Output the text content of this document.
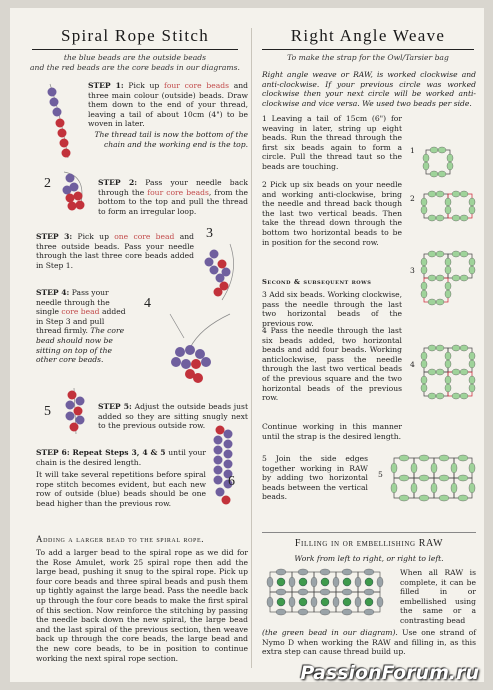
Spiral Rope Stitch
the blue beads are the outside beads
and the red beads are the core beads in our diagrams.
STEP 1: Pick up four core beads and three main colour (outside) beads. Draw them down to the end of your thread, leaving a tail of about 10cm (4") to be woven in later.
The thread tail is now the bottom of the chain and the working end is the top.
2	STEP 2: Pass your needle back through the four core beads, from the bottom to the top and pull the thread to form an irregular loop.
STEP 3: Pick up one core bead and three outside beads. Pass your needle through the last three core beads added in Step 1.
3
STEP 4: Pass your needle through the single core bead added in Step 3 and pull thread firmly. The core bead should now be sitting on top of the other core beads.
4
5	STEP 5: Adjust the outside beads just added so they are sitting snugly next to the previous outside row.
STEP 6: Repeat Steps 3, 4 & 5 until your chain is the desired length.
It will take several repetitions before spiral rope stitch becomes evident, but each new row of outside (blue) beads should be one bead higher than the previous row.
6
Adding a larger bead to the spiral rope.
To add a larger bead to the spiral rope as we did for the Rose Amulet, work 25 spiral rope then add the large bead, pushing it snug to the spiral rope. Pick up four core beads and three spiral beads and push them up tightly against the large bead. Pass the needle back up through the four core beads to make the first spiral of this section. Now reinforce the stitching by passing the needle back down the new spiral, the large bead and the last spiral of the previous section, then weave back up through the core beads, the large bead and the new core beads, to be in position to continue working the next spiral rope section.
Right Angle Weave
To make the strap for the Owl/Tarsier bag
Right angle weave or RAW, is worked clockwise and anti-clockwise. If your previous circle was worked clockwise then your next circle will be worked anti-clockwise and vice versa. We used two beads per side.
1 Leaving a tail of 15cm (6") for weaving in later, string up eight beads. Run the thread through the first six beads again to form a circle. Pull the thread taut so the beads are touching.
2 Pick up six beads on your needle and working anti-clockwise, bring the needle and thread back though the last two vertical beads. Then take the thread down through the bottom two horizontal beads to be in position for the second row.
Second & subsequent rows
3 Add six beads. Working clockwise, pass the needle through the last two horizontal beads of the previous row.
4 Pass the needle through the last six beads added, two horizontal beads and add four beads. Working anticlockwise, pass the needle through the last two vertical beads of the previous square and the two horizontal beads of the previous row.
Continue working in this manner until the strap is the desired length.
5 Join the side edges together working in RAW by adding two horizontal beads between the vertical beads.
1
2
3
4
5
Filling in or embellishing RAW
Work from left to right, or right to left.
When all RAW is complete, it can be filled in or embellished using the same or a contrasting bead
(the green bead in our diagram). Use one strand of Nymo D when working the RAW and filling in, as this extra step can cause thread build up.
PassionForum.ru
